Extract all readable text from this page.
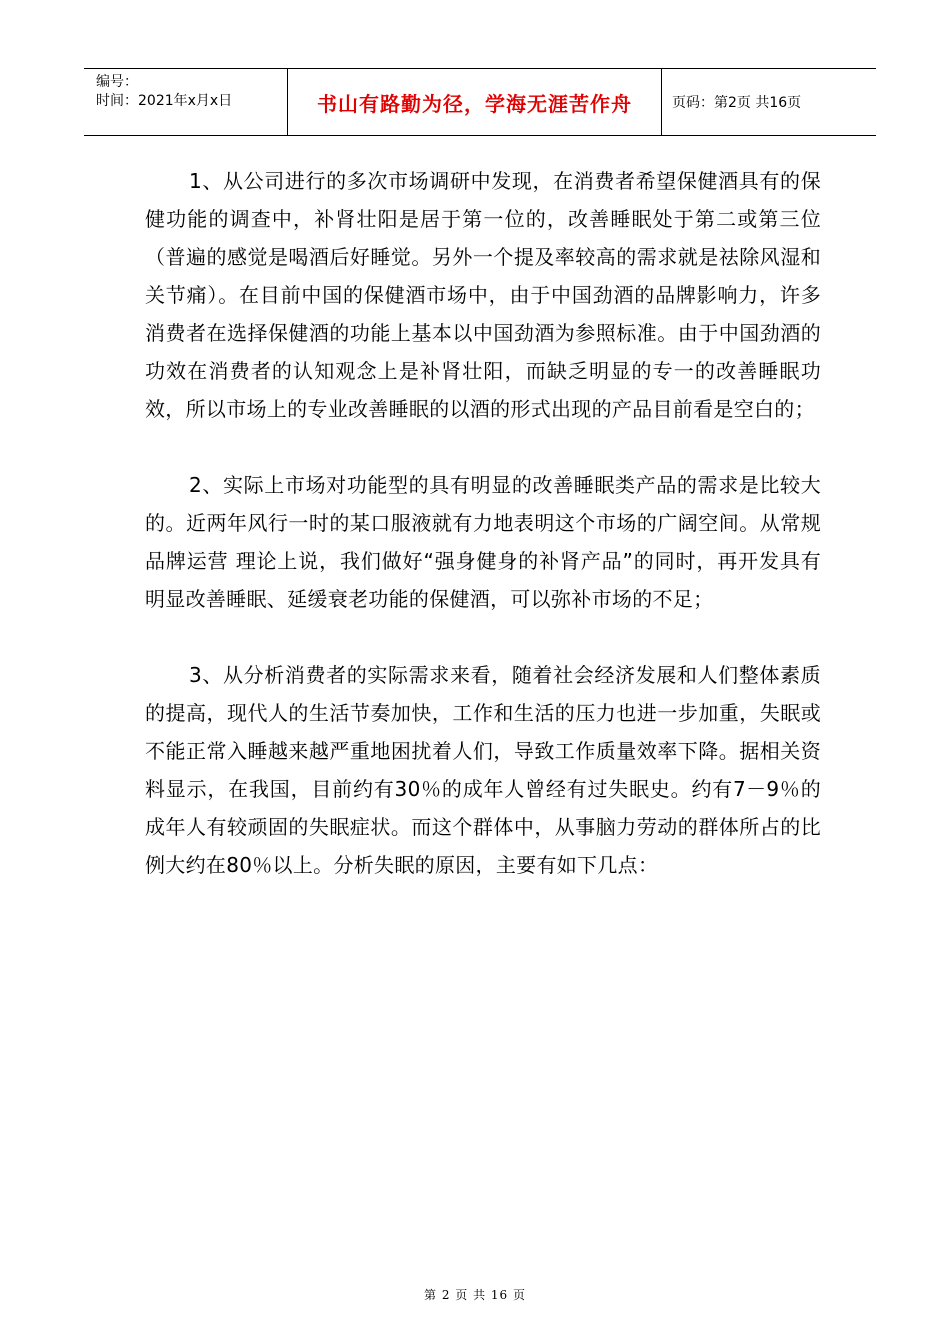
编号：
时间：2021年x月x日	书山有路勤为径，学海无涯苦作舟	页码：第2页 共16页

1、从公司进行的多次市场调研中发现，在消费者希望保健酒具有的保健功能的调查中，补肾壮阳是居于第一位的，改善睡眠处于第二或第三位（普遍的感觉是喝酒后好睡觉。另外一个提及率较高的需求就是祛除风湿和关节痛）。在目前中国的保健酒市场中，由于中国劲酒的品牌影响力，许多消费者在选择保健酒的功能上基本以中国劲酒为参照标准。由于中国劲酒的功效在消费者的认知观念上是补肾壮阳，而缺乏明显的专一的改善睡眠功效，所以市场上的专业改善睡眠的以酒的形式出现的产品目前看是空白的；

2、实际上市场对功能型的具有明显的改善睡眠类产品的需求是比较大的。近两年风行一时的某口服液就有力地表明这个市场的广阔空间。从常规品牌运营 理论上说，我们做好“强身健身的补肾产品”的同时，再开发具有明显改善睡眠、延缓衰老功能的保健酒，可以弥补市场的不足；

3、从分析消费者的实际需求来看，随着社会经济发展和人们整体素质的提高，现代人的生活节奏加快，工作和生活的压力也进一步加重，失眠或不能正常入睡越来越严重地困扰着人们，导致工作质量效率下降。据相关资料显示，在我国，目前约有30％的成年人曾经有过失眠史。约有7－9％的成年人有较顽固的失眠症状。而这个群体中，从事脑力劳动的群体所占的比例大约在80％以上。分析失眠的原因，主要有如下几点：

第 2 页 共 16 页
